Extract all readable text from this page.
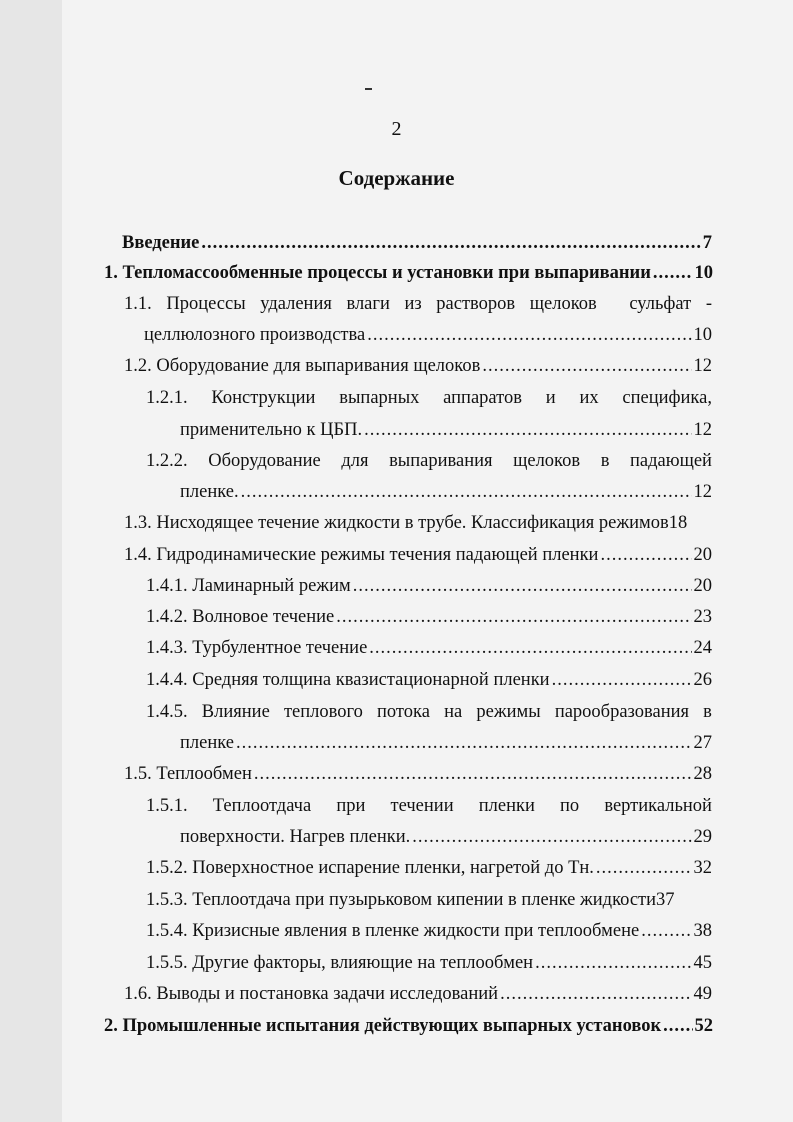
2
Содержание
Введение .....	7
1. Тепломассообменные процессы и установки при выпаривании ..... 10
1.1. Процессы удаления влаги из растворов щелоков сульфат -
целлюлозного производства .....	10
1.2. Оборудование для выпаривания щелоков .....	12
1.2.1. Конструкции выпарных аппаратов и их специфика,
применительно к ЦБП. .....	12
1.2.2. Оборудование для выпаривания щелоков в падающей
пленке. .....	12
1.3. Нисходящее течение жидкости в трубе. Классификация режимов 18
1.4. Гидродинамические режимы течения падающей пленки .....	20
1.4.1. Ламинарный режим .....	20
1.4.2. Волновое течение .....	23
1.4.3. Турбулентное течение .....	24
1.4.4. Средняя толщина квазистационарной пленки .....	26
1.4.5. Влияние теплового потока на режимы парообразования в
пленке .....	27
1.5. Теплообмен .....	28
1.5.1. Теплоотдача при течении пленки по вертикальной
поверхности. Нагрев пленки. .....	29
1.5.2. Поверхностное испарение пленки, нагретой до Тн. .....	32
1.5.3. Теплоотдача при пузырьковом кипении в пленке жидкости 37
1.5.4. Кризисные явления в пленке жидкости при теплообмене .....	38
1.5.5. Другие факторы, влияющие на теплообмен .....	45
1.6. Выводы и постановка задачи исследований .....	49
2. Промышленные испытания действующих выпарных установок ..... 52
